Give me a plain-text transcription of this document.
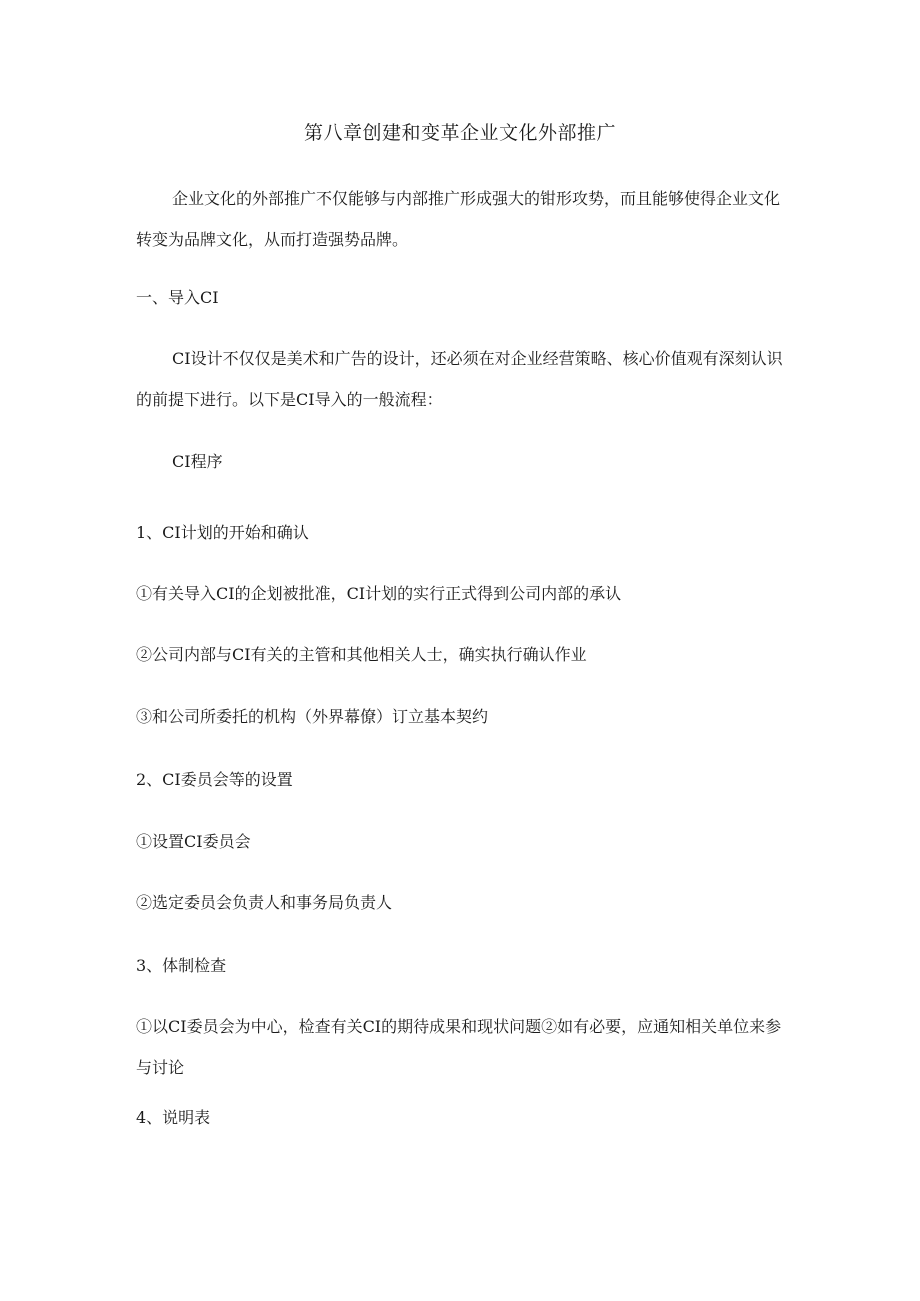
第八章创建和变革企业文化外部推广

企业文化的外部推广不仅能够与内部推广形成强大的钳形攻势，而且能够使得企业文化转变为品牌文化，从而打造强势品牌。

一、导入CI

CI设计不仅仅是美术和广告的设计，还必须在对企业经营策略、核心价值观有深刻认识的前提下进行。以下是CI导入的一般流程：

CI程序

1、CI计划的开始和确认

①有关导入CI的企划被批准，CI计划的实行正式得到公司内部的承认

②公司内部与CI有关的主管和其他相关人士，确实执行确认作业

③和公司所委托的机构（外界幕僚）订立基本契约

2、CI委员会等的设置

①设置CI委员会

②选定委员会负责人和事务局负责人

3、体制检查

①以CI委员会为中心，检查有关CI的期待成果和现状问题②如有必要，应通知相关单位来参与讨论

4、说明表
